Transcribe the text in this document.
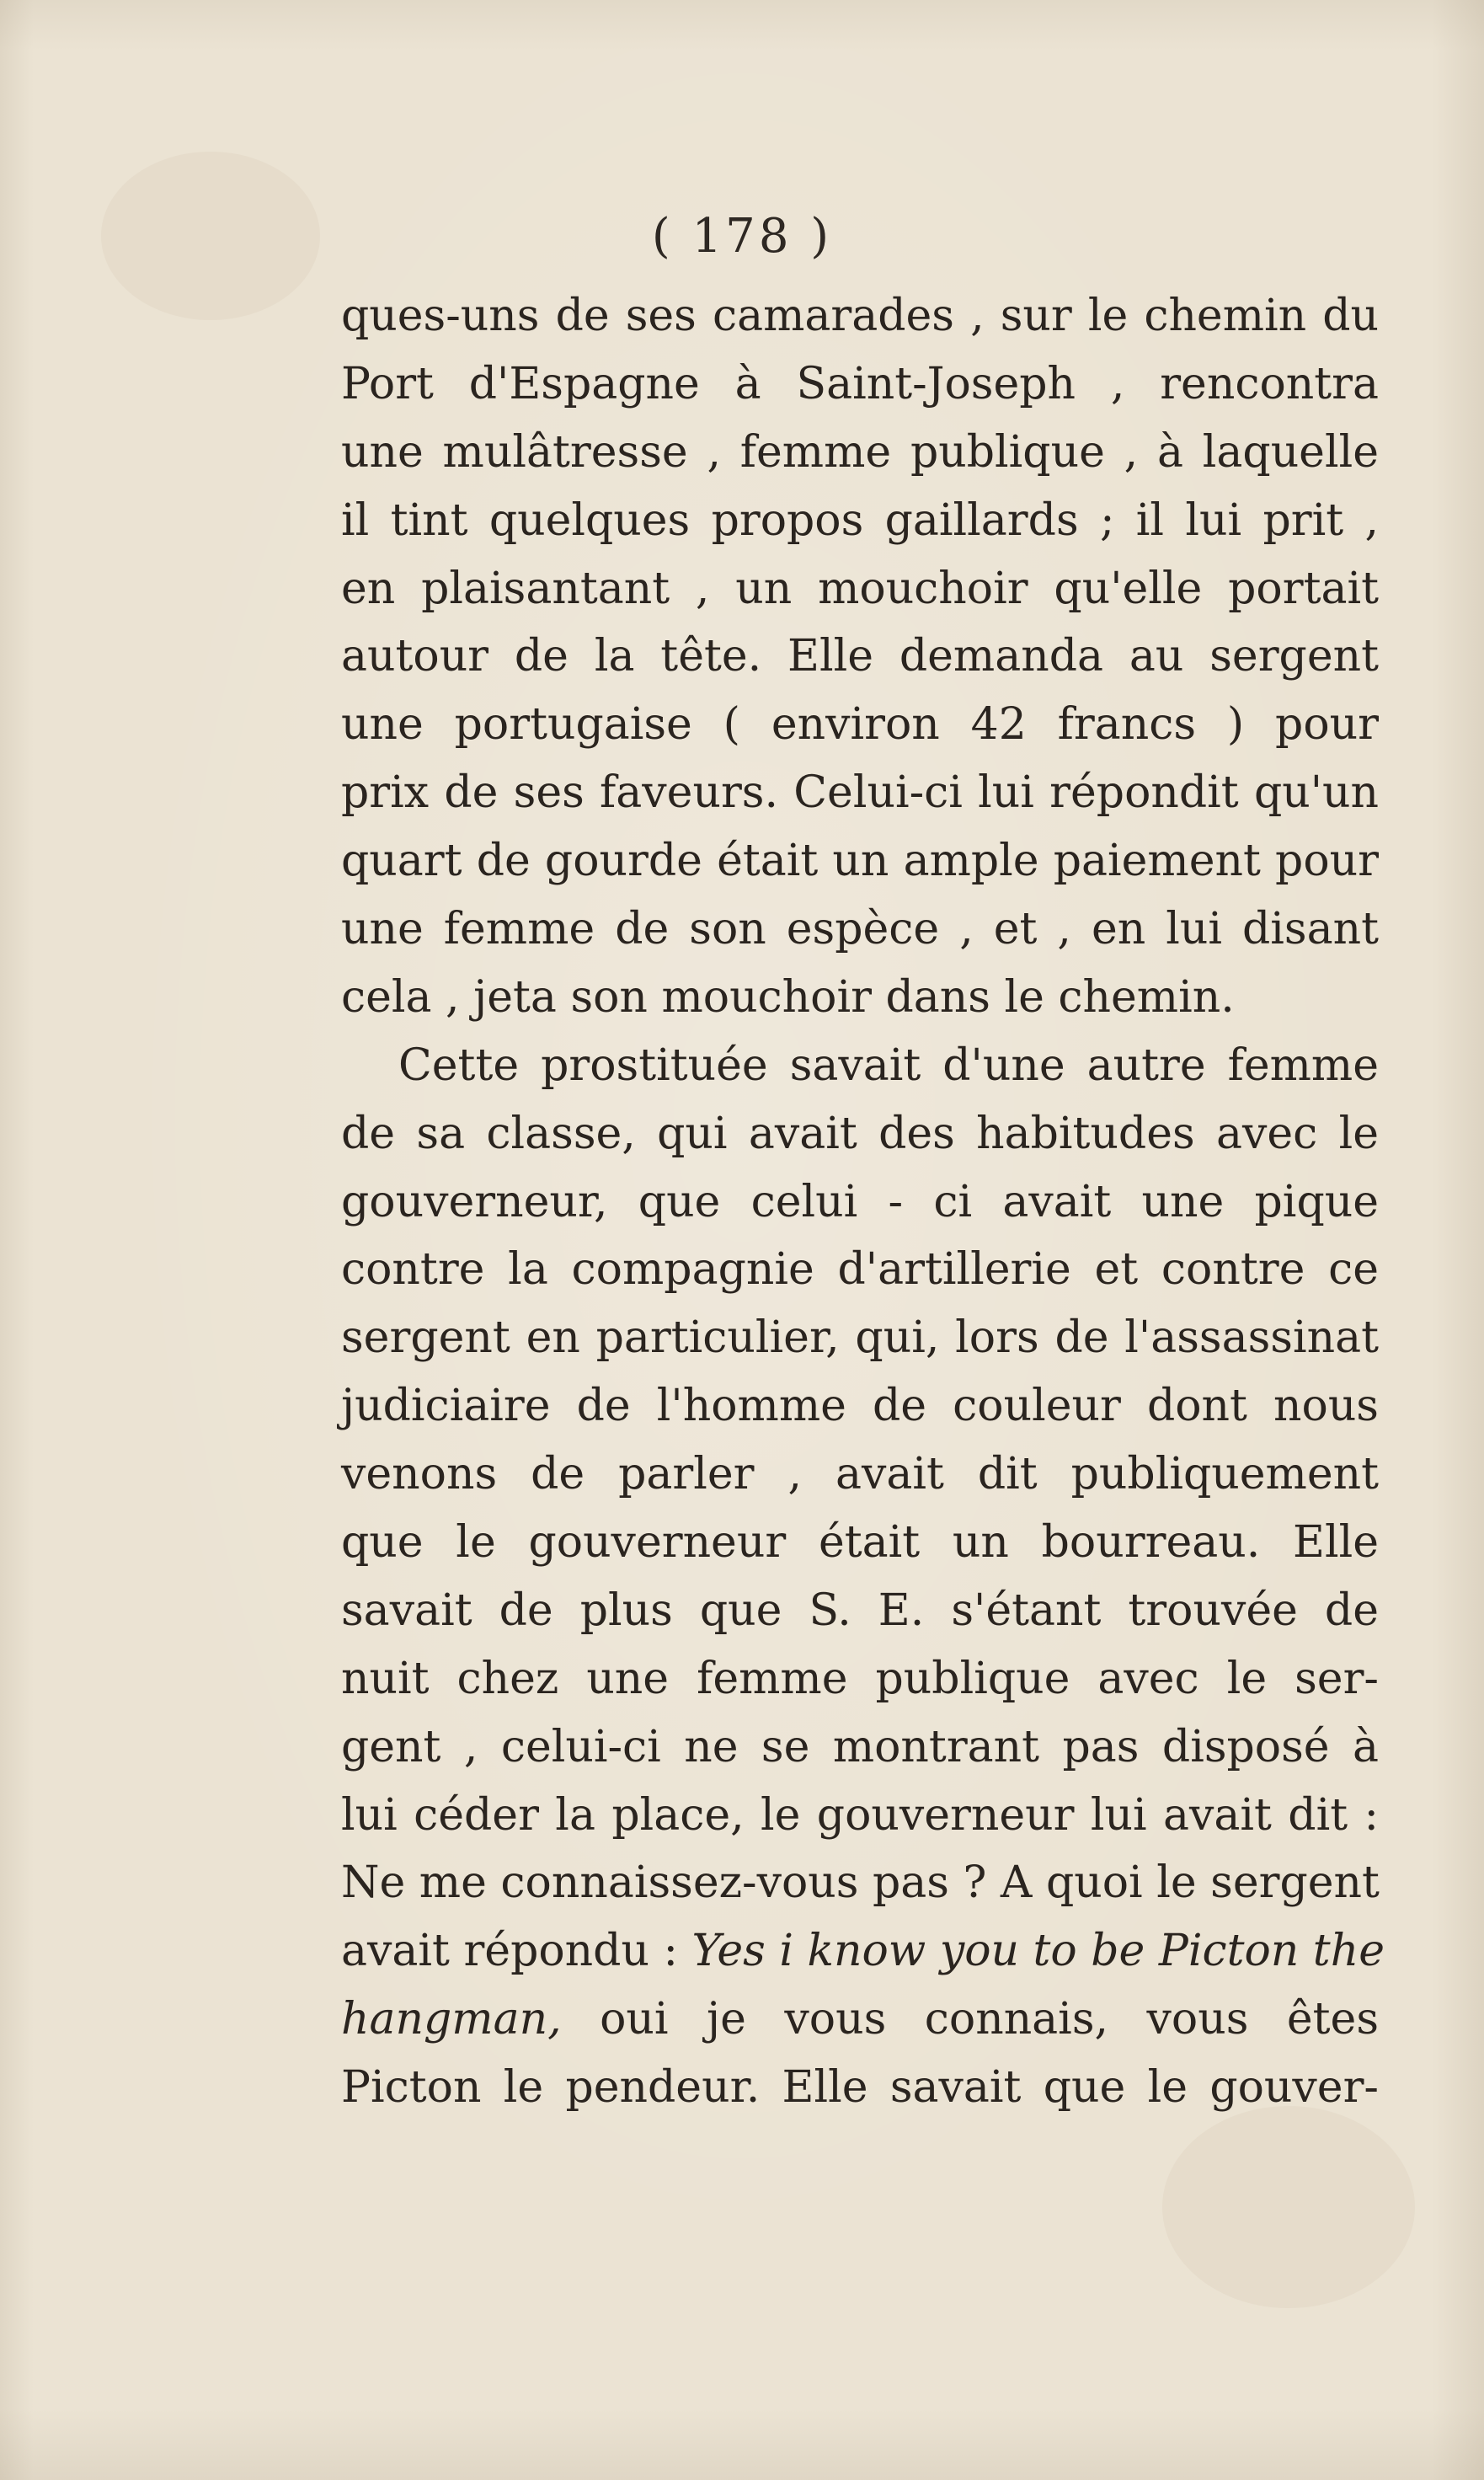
( 178 )
ques-uns de ses camarades , sur le chemin du
Port d'Espagne à Saint-Joseph , rencontra
une mulâtresse , femme publique , à laquelle
il tint quelques propos gaillards ; il lui prit ,
en plaisantant , un mouchoir qu'elle portait
autour de la tête. Elle demanda au sergent
une portugaise ( environ 42 francs ) pour
prix de ses faveurs. Celui-ci lui répondit qu'un
quart de gourde était un ample paiement pour
une femme de son espèce , et , en lui disant
cela , jeta son mouchoir dans le chemin.
Cette prostituée savait d'une autre femme
de sa classe, qui avait des habitudes avec le
gouverneur, que celui - ci avait une pique
contre la compagnie d'artillerie et contre ce
sergent en particulier, qui, lors de l'assassinat
judiciaire de l'homme de couleur dont nous
venons de parler , avait dit publiquement
que le gouverneur était un bourreau. Elle
savait de plus que S. E. s'étant trouvée de
nuit chez une femme publique avec le ser-
gent , celui-ci ne se montrant pas disposé à
lui céder la place, le gouverneur lui avait dit :
Ne me connaissez-vous pas ? A quoi le sergent
avait répondu : Yes i know you to be Picton the
hangman, oui je vous connais, vous êtes
Picton le pendeur. Elle savait que le gouver-
